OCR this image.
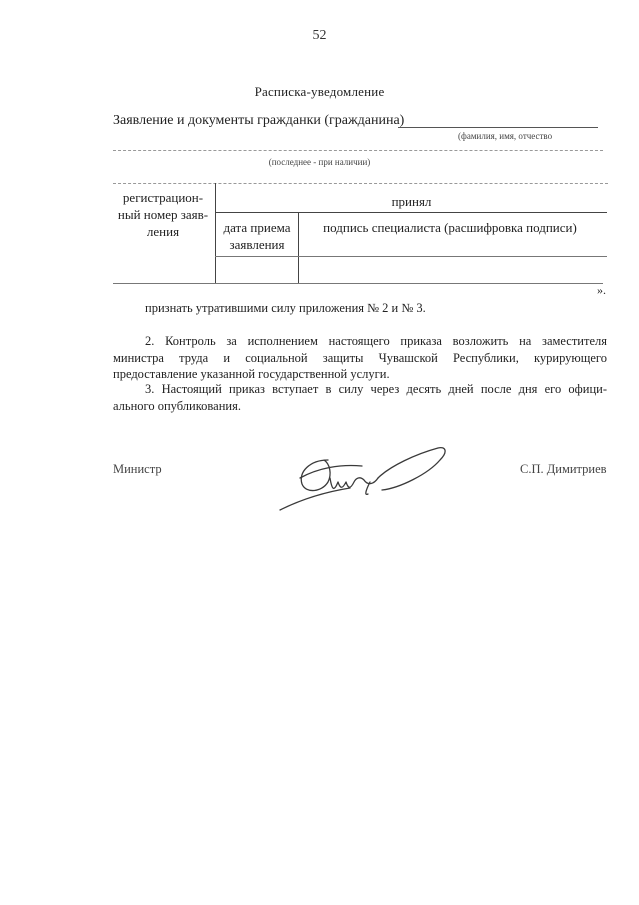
52
Расписка-уведомление
Заявление и документы гражданки (гражданина)
(фамилия, имя, отчество
(последнее - при наличии)
регистрацион-
ный номер заяв-
ления
принял
дата приема
заявления
подпись специалиста (расшифровка подписи)
».
признать утратившими силу приложения № 2 и № 3.
2. Контроль за исполнением настоящего приказа возложить на заместителя
министра труда и социальной защиты Чувашской Республики, курирующего
предоставление указанной государственной услуги.
3. Настоящий приказ вступает в силу через десять дней после дня его офици-
ального опубликования.
Министр	С.П. Димитриев
